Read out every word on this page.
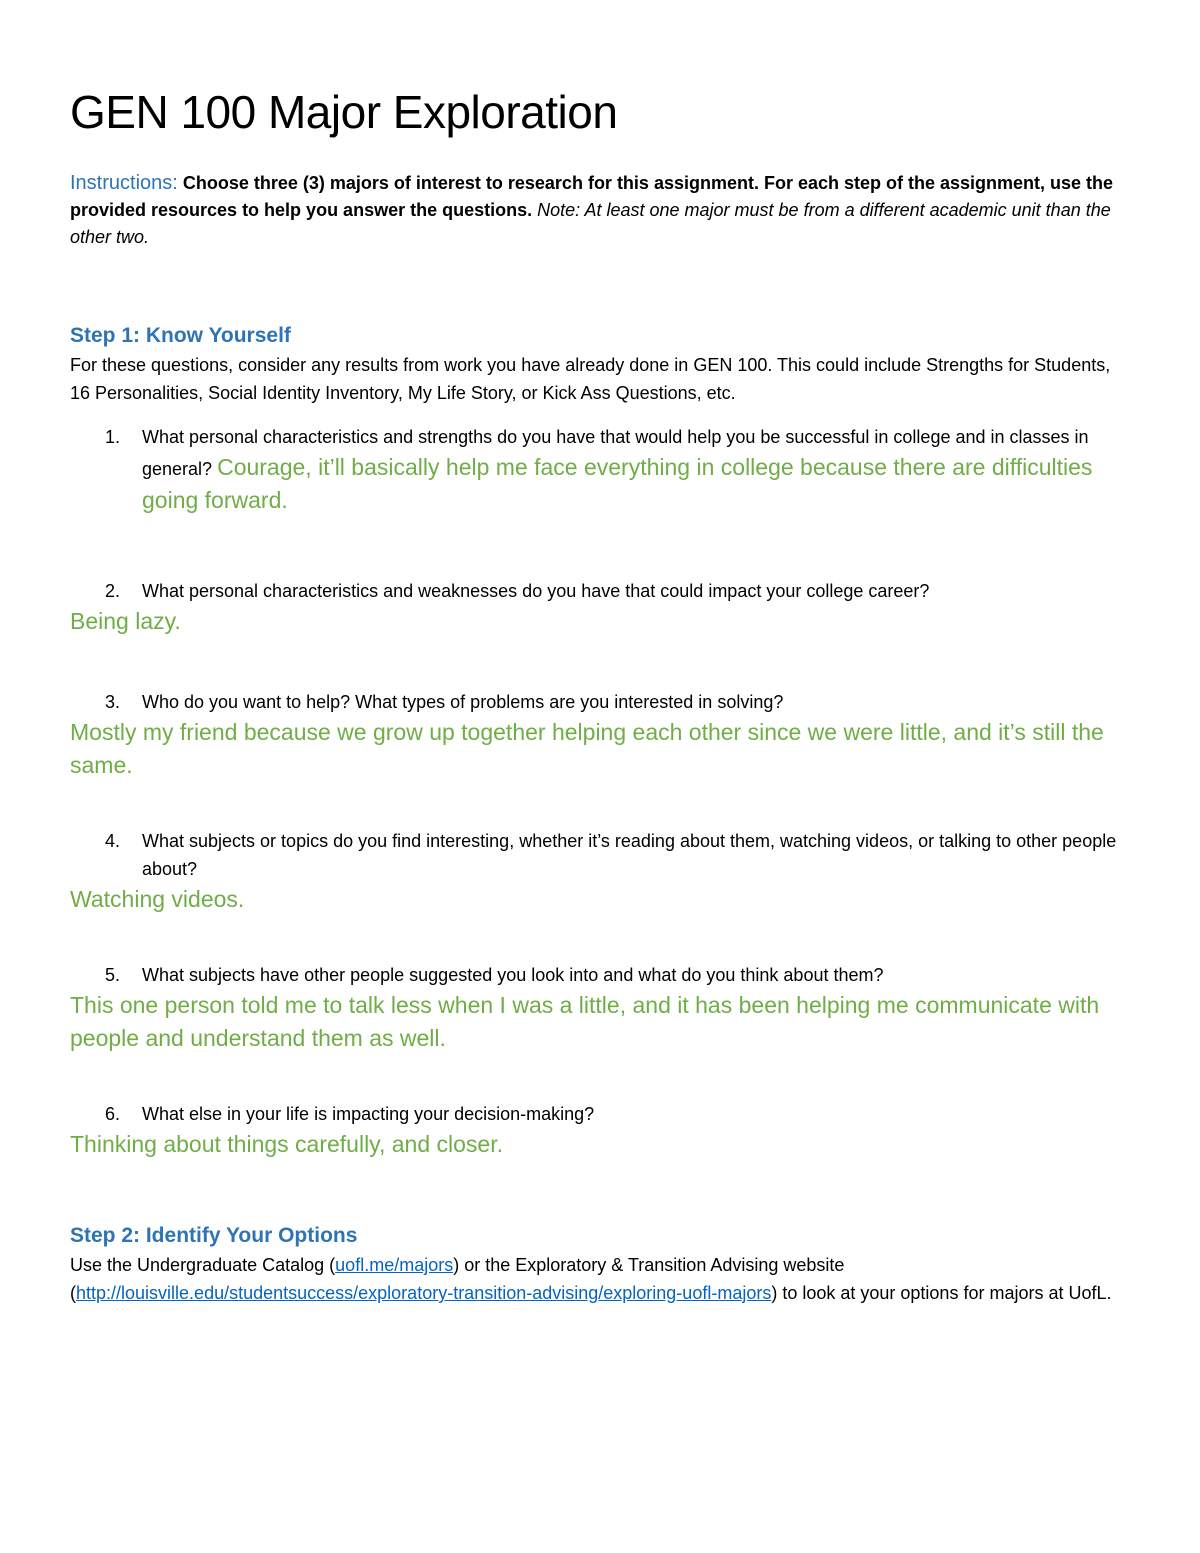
GEN 100 Major Exploration
Instructions: Choose three (3) majors of interest to research for this assignment. For each step of the assignment, use the provided resources to help you answer the questions. Note: At least one major must be from a different academic unit than the other two.
Step 1: Know Yourself
For these questions, consider any results from work you have already done in GEN 100. This could include Strengths for Students, 16 Personalities, Social Identity Inventory, My Life Story, or Kick Ass Questions, etc.
1. What personal characteristics and strengths do you have that would help you be successful in college and in classes in general? Courage, it’ll basically help me face everything in college because there are difficulties going forward.
2. What personal characteristics and weaknesses do you have that could impact your college career?
Being lazy.
3. Who do you want to help? What types of problems are you interested in solving?
Mostly my friend because we grow up together helping each other since we were little, and it’s still the same.
4. What subjects or topics do you find interesting, whether it’s reading about them, watching videos, or talking to other people about?
Watching videos.
5. What subjects have other people suggested you look into and what do you think about them?
This one person told me to talk less when I was a little, and it has been helping me communicate with people and understand them as well.
6. What else in your life is impacting your decision-making?
Thinking about things carefully, and closer.
Step 2: Identify Your Options
Use the Undergraduate Catalog (uofl.me/majors) or the Exploratory & Transition Advising website (http://louisville.edu/studentsuccess/exploratory-transition-advising/exploring-uofl-majors) to look at your options for majors at UofL.
